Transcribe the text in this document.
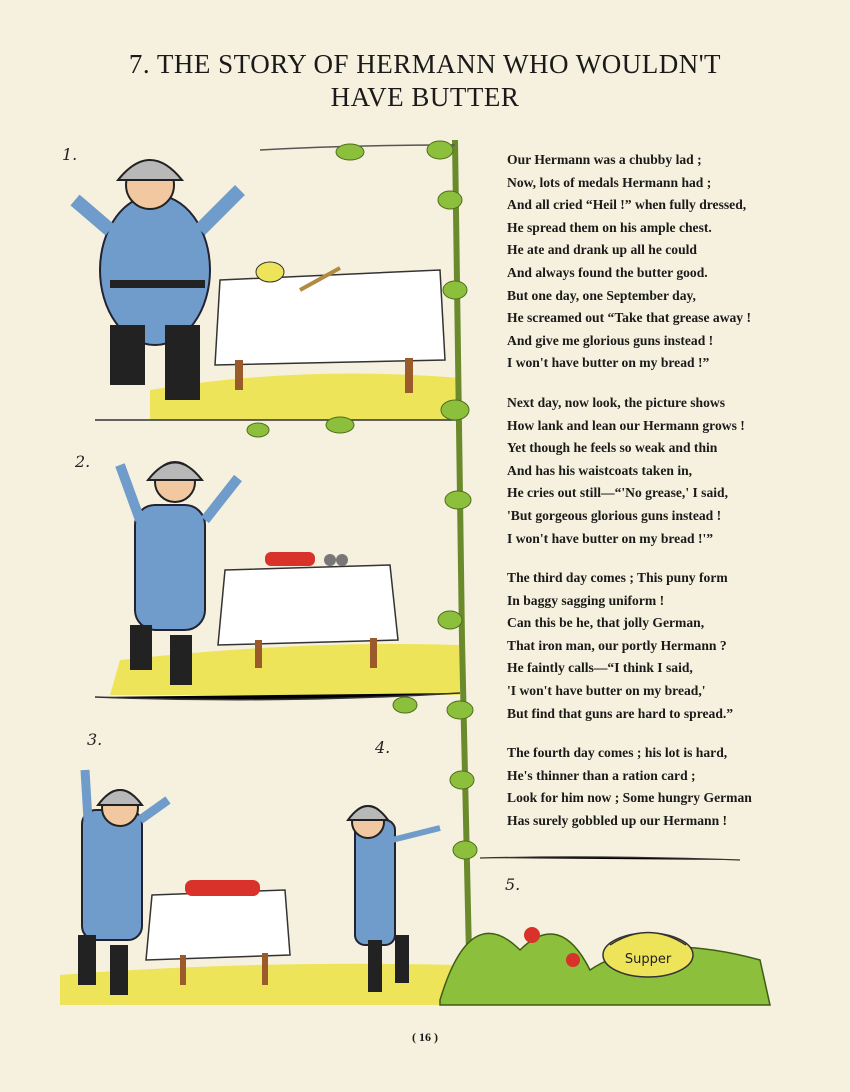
7. THE STORY OF HERMANN WHO WOULDN'T
HAVE BUTTER
Supper
1.
2.
3.	4.
5.
Our Hermann was a chubby lad ;
Now, lots of medals Hermann had ;
And all cried “Heil !” when fully dressed,
He spread them on his ample chest.
He ate and drank up all he could
And always found the butter good.
But one day, one September day,
He screamed out “Take that grease away !
And give me glorious guns instead !
I won't have butter on my bread !”
Next day, now look, the picture shows
How lank and lean our Hermann grows !
Yet though he feels so weak and thin
And has his waistcoats taken in,
He cries out still—“'No grease,' I said,
'But gorgeous glorious guns instead !
I won't have butter on my bread !'”
The third day comes ; This puny form
In baggy sagging uniform !
Can this be he, that jolly German,
That iron man, our portly Hermann ?
He faintly calls—“I think I said,
'I won't have butter on my bread,'
But find that guns are hard to spread.”
The fourth day comes ; his lot is hard,
He's thinner than a ration card ;
Look for him now ; Some hungry German
Has surely gobbled up our Hermann !
( 16 )
